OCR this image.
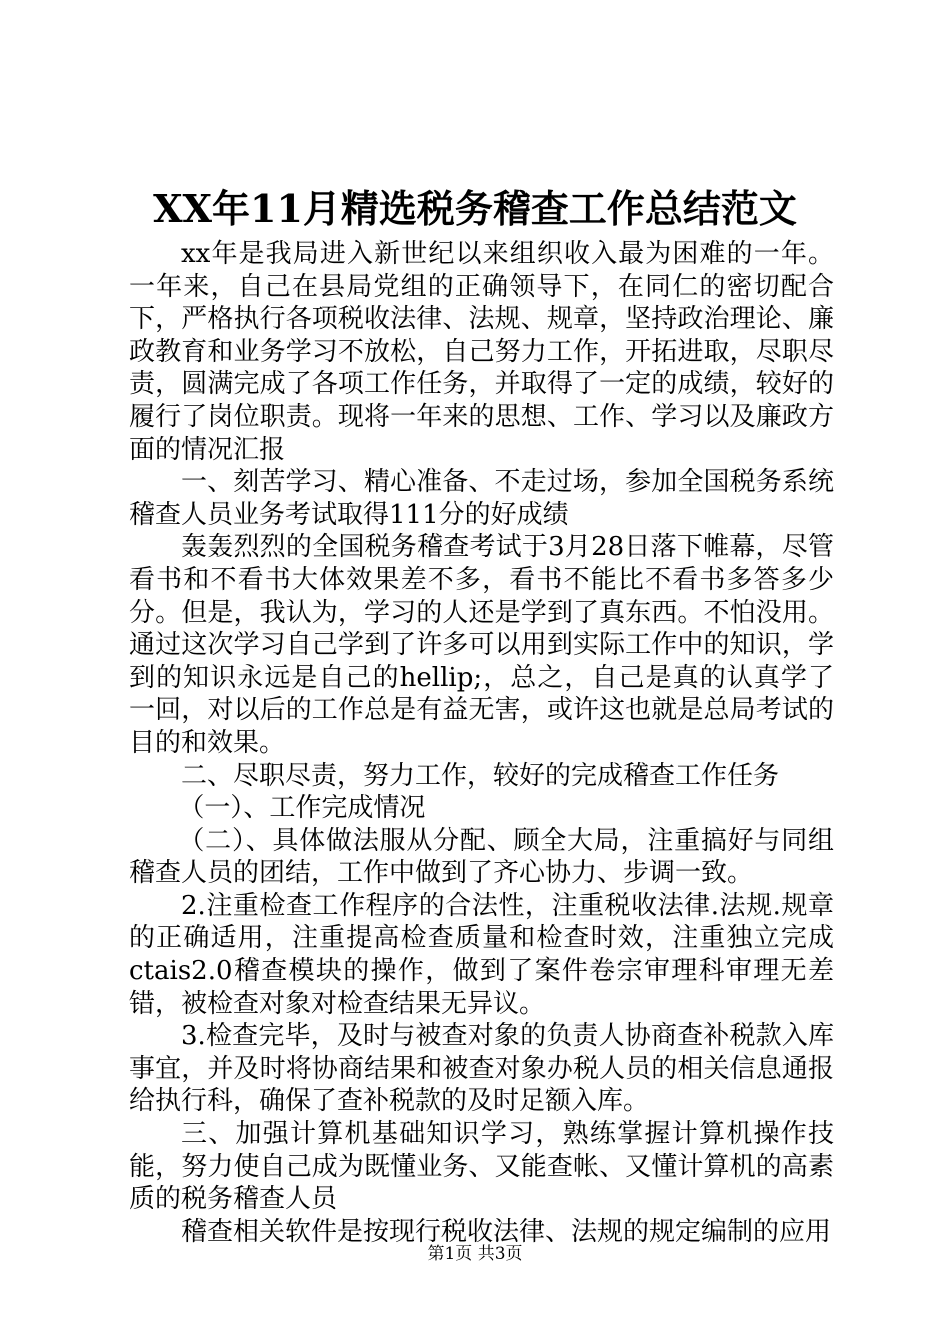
XX年11月精选税务稽查工作总结范文

xx年是我局进入新世纪以来组织收入最为困难的一年。一年来，自己在县局党组的正确领导下，在同仁的密切配合下，严格执行各项税收法律、法规、规章，坚持政治理论、廉政教育和业务学习不放松，自己努力工作，开拓进取，尽职尽责，圆满完成了各项工作任务，并取得了一定的成绩，较好的履行了岗位职责。现将一年来的思想、工作、学习以及廉政方面的情况汇报

一、刻苦学习、精心准备、不走过场，参加全国税务系统稽查人员业务考试取得111分的好成绩

轰轰烈烈的全国税务稽查考试于3月28日落下帷幕，尽管看书和不看书大体效果差不多，看书不能比不看书多答多少分。但是，我认为，学习的人还是学到了真东西。不怕没用。通过这次学习自己学到了许多可以用到实际工作中的知识，学到的知识永远是自己的hellip;，总之，自己是真的认真学了一回，对以后的工作总是有益无害，或许这也就是总局考试的目的和效果。

二、尽职尽责，努力工作，较好的完成稽查工作任务

（一）、工作完成情况

（二）、具体做法服从分配、顾全大局，注重搞好与同组稽查人员的团结，工作中做到了齐心协力、步调一致。

2.注重检查工作程序的合法性，注重税收法律.法规.规章的正确适用，注重提高检查质量和检查时效，注重独立完成ctais2.0稽查模块的操作，做到了案件卷宗审理科审理无差错，被检查对象对检查结果无异议。

3.检查完毕，及时与被查对象的负责人协商查补税款入库事宜，并及时将协商结果和被查对象办税人员的相关信息通报给执行科，确保了查补税款的及时足额入库。

三、加强计算机基础知识学习，熟练掌握计算机操作技能，努力使自己成为既懂业务、又能查帐、又懂计算机的高素质的税务稽查人员

稽查相关软件是按现行税收法律、法规的规定编制的应用

第1页 共3页
